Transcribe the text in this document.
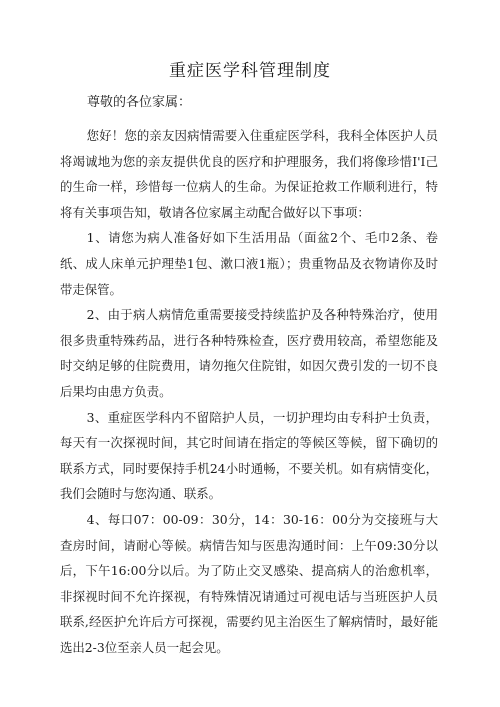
重症医学科管理制度
尊敬的各位家属：

您好！您的亲友因病情需要入住重症医学科，我科全体医护人员将竭诚地为您的亲友提供优良的医疗和护理服务，我们将像珍惜I'I己的生命一样，珍惜每一位病人的生命。为保证抢救工作顺利进行，特将有关事项告知，敬请各位家属主动配合做好以下事项：

1、请您为病人准备好如下生活用品（面盆2个、毛巾2条、卷纸、成人床单元护理垫1包、漱口液1瓶）；贵重物品及衣物请你及时带走保管。

2、由于病人病情危重需要接受持续监护及各种特殊治疗，使用很多贵重特殊药品，进行各种特殊检查，医疗费用较高，希望您能及时交纳足够的住院费用，请勿拖欠住院钳，如因欠费引发的一切不良后果均由患方负责。

3、重症医学科内不留陪护人员，一切护理均由专科护士负责，每天有一次探视时间，其它时间请在指定的等候区等候，留下确切的联系方式，同时要保持手机24小时通畅，不要关机。如有病情变化，我们会随时与您沟通、联系。

4、每口07：00-09：30分，14：30-16：00分为交接班与大查房时间，请耐心等候。病情告知与医患沟通时间：上午09:30分以后，下午16:00分以后。为了防止交叉感染、提高病人的治愈机率，非探视时间不允许探视，有特殊情况请通过可视电话与当班医护人员联系,经医护允许后方可探视，需要约见主治医生了解病情时，最好能选出2-3位至亲人员一起会见。
